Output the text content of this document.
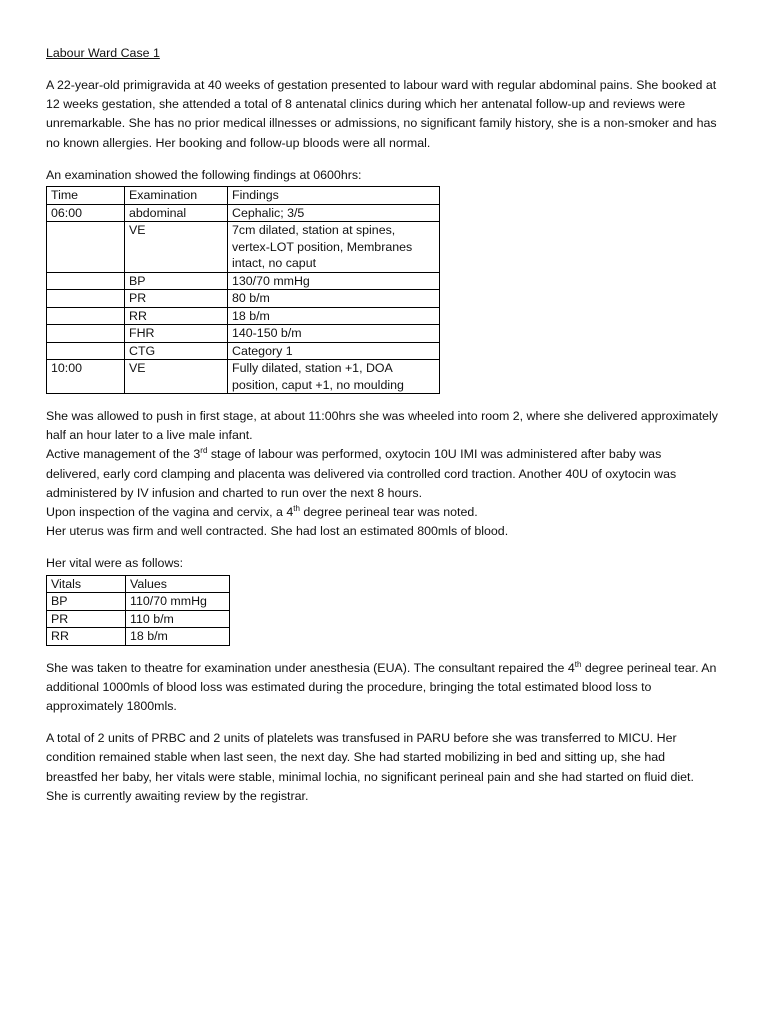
Labour Ward Case 1

A 22-year-old primigravida at 40 weeks of gestation presented to labour ward with regular abdominal pains. She booked at 12 weeks gestation, she attended a total of 8 antenatal clinics during which her antenatal follow-up and reviews were unremarkable. She has no prior medical illnesses or admissions, no significant family history, she is a non-smoker and has no known allergies. Her booking and follow-up bloods were all normal.

An examination showed the following findings at 0600hrs:

Time	Examination	Findings
06:00	abdominal	Cephalic; 3/5
	VE	7cm dilated, station at spines, vertex-LOT position, Membranes intact, no caput
	BP	130/70 mmHg
	PR	80 b/m
	RR	18 b/m
	FHR	140-150 b/m
	CTG	Category 1
10:00	VE	Fully dilated, station +1, DOA position, caput +1, no moulding

She was allowed to push in first stage, at about 11:00hrs she was wheeled into room 2, where she delivered approximately half an hour later to a live male infant.

Active management of the 3rd stage of labour was performed, oxytocin 10U IMI was administered after baby was delivered, early cord clamping and placenta was delivered via controlled cord traction. Another 40U of oxytocin was administered by IV infusion and charted to run over the next 8 hours.

Upon inspection of the vagina and cervix, a 4th degree perineal tear was noted.

Her uterus was firm and well contracted. She had lost an estimated 800mls of blood.

Her vital were as follows:

Vitals	Values
BP	110/70 mmHg
PR	110 b/m
RR	18 b/m

She was taken to theatre for examination under anesthesia (EUA). The consultant repaired the 4th degree perineal tear. An additional 1000mls of blood loss was estimated during the procedure, bringing the total estimated blood loss to approximately 1800mls.

A total of 2 units of PRBC and 2 units of platelets was transfused in PARU before she was transferred to MICU. Her condition remained stable when last seen, the next day. She had started mobilizing in bed and sitting up, she had breastfed her baby, her vitals were stable, minimal lochia, no significant perineal pain and she had started on fluid diet. She is currently awaiting review by the registrar.
